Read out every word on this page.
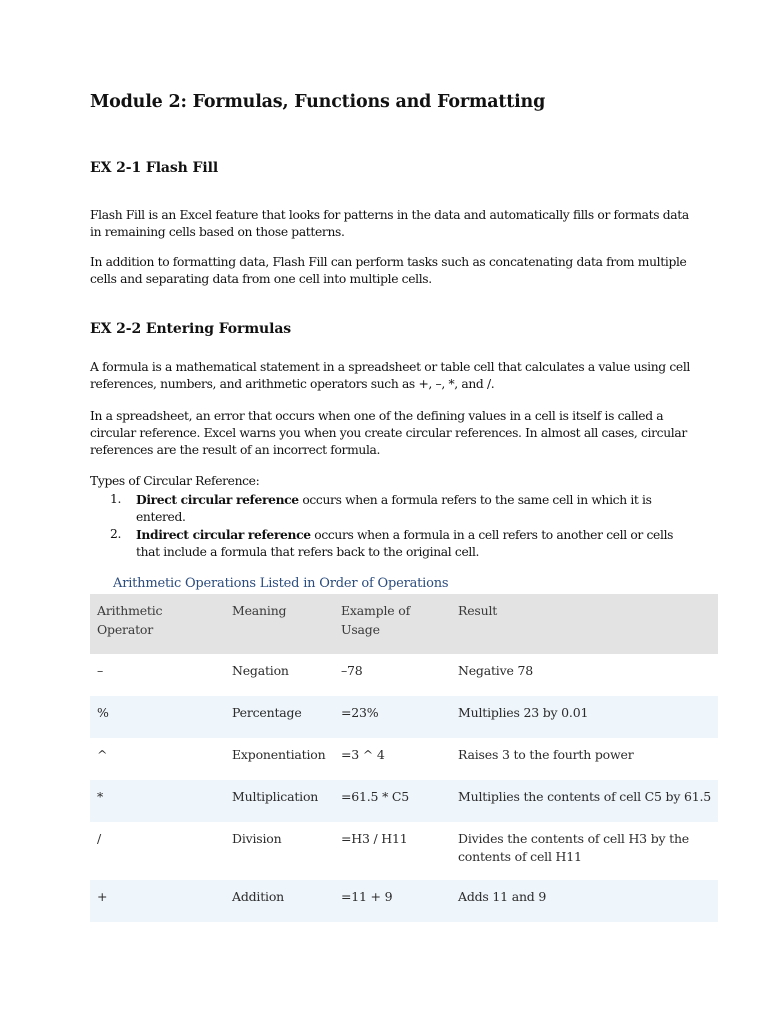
Module 2: Formulas, Functions and Formatting
EX 2-1 Flash Fill

Flash Fill is an Excel feature that looks for patterns in the data and automatically fills or formats data in remaining cells based on those patterns.

In addition to formatting data, Flash Fill can perform tasks such as concatenating data from multiple cells and separating data from one cell into multiple cells.

EX 2-2 Entering Formulas

A formula is a mathematical statement in a spreadsheet or table cell that calculates a value using cell references, numbers, and arithmetic operators such as +, –, *, and /.

In a spreadsheet, an error that occurs when one of the defining values in a cell is itself is called a circular reference. Excel warns you when you create circular references. In almost all cases, circular references are the result of an incorrect formula.

Types of Circular Reference:

1. Direct circular reference occurs when a formula refers to the same cell in which it is entered.
2. Indirect circular reference occurs when a formula in a cell refers to another cell or cells that include a formula that refers back to the original cell.

Arithmetic Operations Listed in Order of Operations

Arithmetic Operator	Meaning	Example of Usage	Result
–	Negation	–78	Negative 78
%	Percentage	=23%	Multiplies 23 by 0.01
^	Exponentiation	=3 ^ 4	Raises 3 to the fourth power
*	Multiplication	=61.5 * C5	Multiplies the contents of cell C5 by 61.5
/	Division	=H3 / H11	Divides the contents of cell H3 by the contents of cell H11
+	Addition	=11 + 9	Adds 11 and 9
